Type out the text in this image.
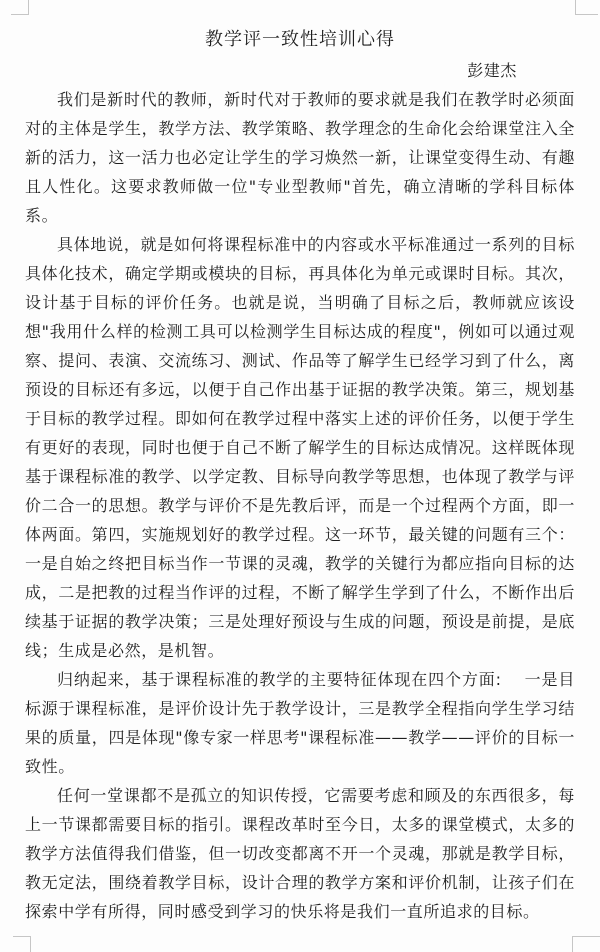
教学评一致性培训心得
彭建杰

我们是新时代的教师，新时代对于教师的要求就是我们在教学时必须面对的主体是学生，教学方法、教学策略、教学理念的生命化会给课堂注入全新的活力，这一活力也必定让学生的学习焕然一新，让课堂变得生动、有趣且人性化。这要求教师做一位"专业型教师"首先，确立清晰的学科目标体系。

具体地说，就是如何将课程标准中的内容或水平标准通过一系列的目标具体化技术，确定学期或模块的目标，再具体化为单元或课时目标。其次，设计基于目标的评价任务。也就是说，当明确了目标之后，教师就应该设想"我用什么样的检测工具可以检测学生目标达成的程度"，例如可以通过观察、提问、表演、交流练习、测试、作品等了解学生已经学习到了什么，离预设的目标还有多远，以便于自己作出基于证据的教学决策。第三，规划基于目标的教学过程。即如何在教学过程中落实上述的评价任务，以便于学生有更好的表现，同时也便于自己不断了解学生的目标达成情况。这样既体现基于课程标准的教学、以学定教、目标导向教学等思想，也体现了教学与评价二合一的思想。教学与评价不是先教后评，而是一个过程两个方面，即一体两面。第四，实施规划好的教学过程。这一环节，最关键的问题有三个：一是自始之终把目标当作一节课的灵魂，教学的关键行为都应指向目标的达成，二是把教的过程当作评的过程，不断了解学生学到了什么，不断作出后续基于证据的教学决策；三是处理好预设与生成的问题，预设是前提，是底线；生成是必然，是机智。

归纳起来，基于课程标准的教学的主要特征体现在四个方面:　 一是目标源于课程标准，是评价设计先于教学设计，三是教学全程指向学生学习结果的质量，四是体现"像专家一样思考"课程标准——教学——评价的目标一致性。

任何一堂课都不是孤立的知识传授，它需要考虑和顾及的东西很多，每上一节课都需要目标的指引。课程改革时至今日，太多的课堂模式，太多的教学方法值得我们借鉴，但一切改变都离不开一个灵魂，那就是教学目标，教无定法，围绕着教学目标，设计合理的教学方案和评价机制，让孩子们在探索中学有所得，同时感受到学习的快乐将是我们一直所追求的目标。
